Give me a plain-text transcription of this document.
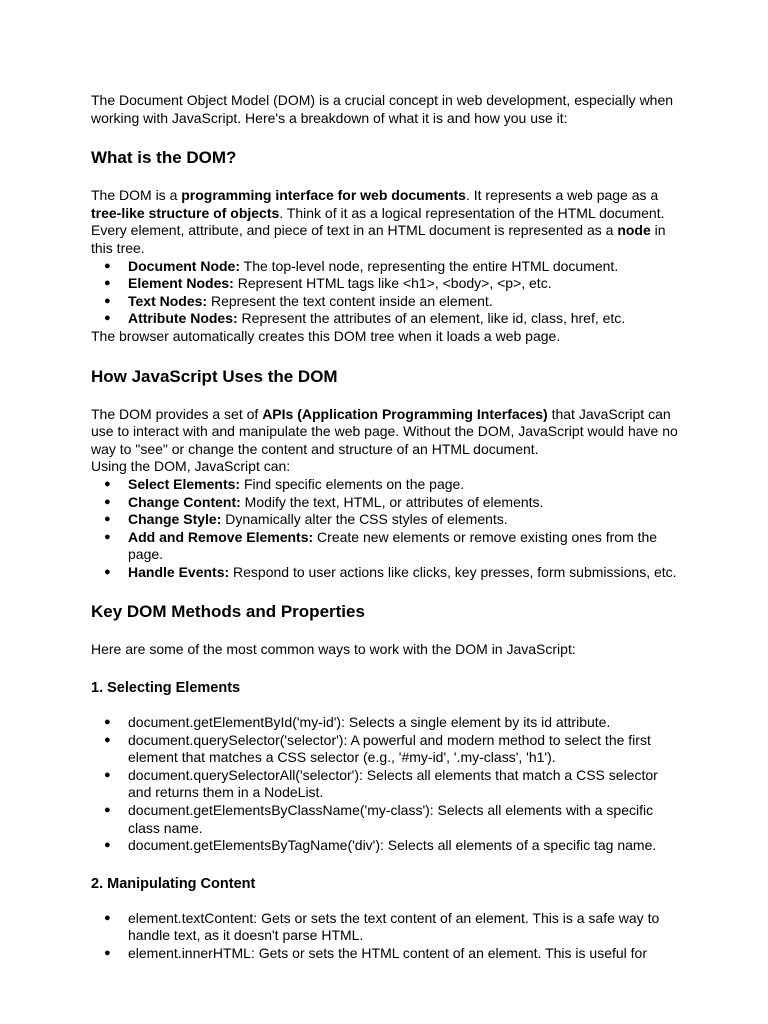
The Document Object Model (DOM) is a crucial concept in web development, especially when working with JavaScript. Here's a breakdown of what it is and how you use it:

What is the DOM?

The DOM is a programming interface for web documents. It represents a web page as a tree-like structure of objects. Think of it as a logical representation of the HTML document. Every element, attribute, and piece of text in an HTML document is represented as a node in this tree.

● Document Node: The top-level node, representing the entire HTML document.
● Element Nodes: Represent HTML tags like <h1>, <body>, <p>, etc.
● Text Nodes: Represent the text content inside an element.
● Attribute Nodes: Represent the attributes of an element, like id, class, href, etc.

The browser automatically creates this DOM tree when it loads a web page.

How JavaScript Uses the DOM

The DOM provides a set of APIs (Application Programming Interfaces) that JavaScript can use to interact with and manipulate the web page. Without the DOM, JavaScript would have no way to "see" or change the content and structure of an HTML document.

Using the DOM, JavaScript can:

● Select Elements: Find specific elements on the page.
● Change Content: Modify the text, HTML, or attributes of elements.
● Change Style: Dynamically alter the CSS styles of elements.
● Add and Remove Elements: Create new elements or remove existing ones from the page.
● Handle Events: Respond to user actions like clicks, key presses, form submissions, etc.
Key DOM Methods and Properties

Here are some of the most common ways to work with the DOM in JavaScript:

1. Selecting Elements
● document.getElementById('my-id'): Selects a single element by its id attribute.
● document.querySelector('selector'): A powerful and modern method to select the first element that matches a CSS selector (e.g., '#my-id', '.my-class', 'h1').
● document.querySelectorAll('selector'): Selects all elements that match a CSS selector and returns them in a NodeList.
● document.getElementsByClassName('my-class'): Selects all elements with a specific class name.
● document.getElementsByTagName('div'): Selects all elements of a specific tag name.
2. Manipulating Content
● element.textContent: Gets or sets the text content of an element. This is a safe way to handle text, as it doesn't parse HTML.
● element.innerHTML: Gets or sets the HTML content of an element. This is useful for
